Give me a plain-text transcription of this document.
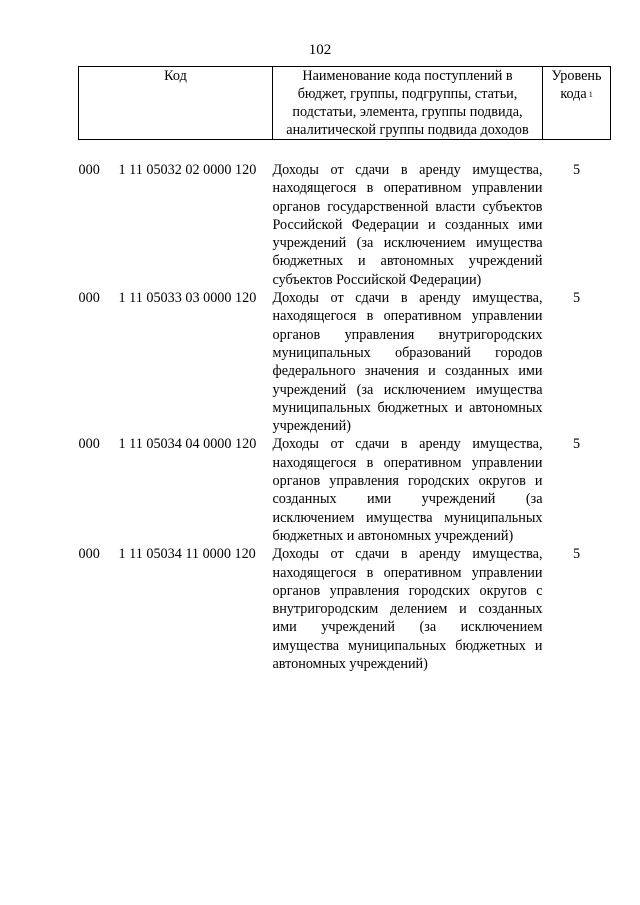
102
Код	Наименование кода поступлений в бюджет, группы, подгруппы, статьи, подстатьи, элемента, группы подвида, аналитической группы подвида доходов	Уровень кода $^1$

000 1 11 05032 02 0000 120	Доходы от сдачи в аренду имущества, находящегося в оперативном управлении органов государственной власти субъектов Российской Федерации и созданных ими учреждений (за исключением имущества бюджетных и автономных учреждений субъектов Российской Федерации)	5
000 1 11 05033 03 0000 120	Доходы от сдачи в аренду имущества, находящегося в оперативном управлении органов управления внутригородских муниципальных образований городов федерального значения и созданных ими учреждений (за исключением имущества муниципальных бюджетных и автономных учреждений)	5
000 1 11 05034 04 0000 120	Доходы от сдачи в аренду имущества, находящегося в оперативном управлении органов управления городских округов и созданных ими учреждений (за исключением имущества муниципальных бюджетных и автономных учреждений)	5
000 1 11 05034 11 0000 120	Доходы от сдачи в аренду имущества, находящегося в оперативном управлении органов управления городских округов с внутригородским делением и созданных ими учреждений (за исключением имущества муниципальных бюджетных и автономных учреждений)	5
